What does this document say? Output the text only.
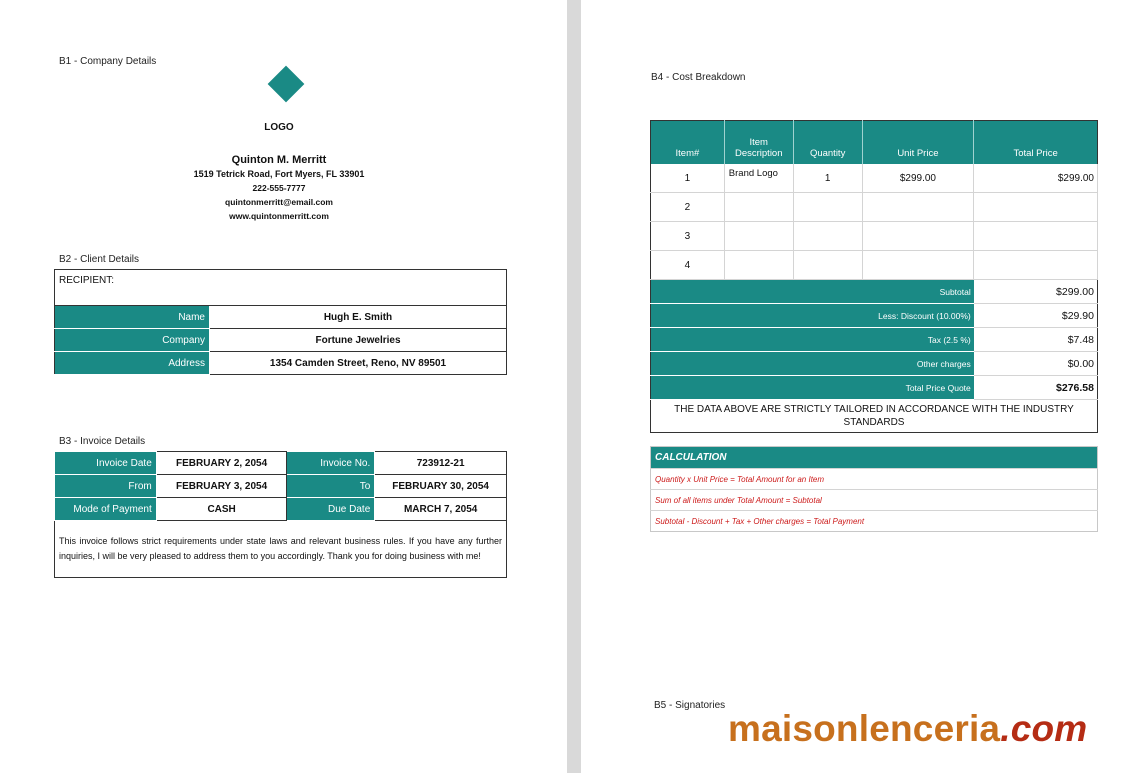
B1 - Company Details
LOGO
Quinton M. Merritt
1519 Tetrick Road, Fort Myers, FL 33901
222-555-7777
quintonmerritt@email.com
www.quintonmerritt.com
B2 - Client Details
RECIPIENT:	
Name	Hugh E. Smith
Company	Fortune Jewelries
Address	1354 Camden Street, Reno, NV 89501
B3 - Invoice Details
Invoice Date	FEBRUARY 2, 2054	Invoice No.	723912-21
From	FEBRUARY 3, 2054	To	FEBRUARY 30, 2054
Mode of Payment	CASH	Due Date	MARCH 7, 2054
This invoice follows strict requirements under state laws and relevant business rules. If you have any further inquiries, I will be very pleased to address them to you accordingly. Thank you for doing business with me!			
B4 - Cost Breakdown
Item#	Item Description	Quantity	Unit Price	Total Price
1	Brand Logo	1	$299.00	$299.00
2				
3				
4				
Subtotal				$299.00
Less: Discount (10.00%)				$29.90
Tax (2.5 %)				$7.48
Other charges				$0.00
Total Price Quote				$276.58
THE DATA ABOVE ARE STRICTLY TAILORED IN ACCORDANCE WITH THE INDUSTRY STANDARDS				
CALCULATION
Quantity x Unit Price = Total Amount for an Item
Sum of all items under Total Amount = Subtotal
Subtotal - Discount + Tax + Other charges = Total Payment
B5 - Signatories
maisonlenceria.com
